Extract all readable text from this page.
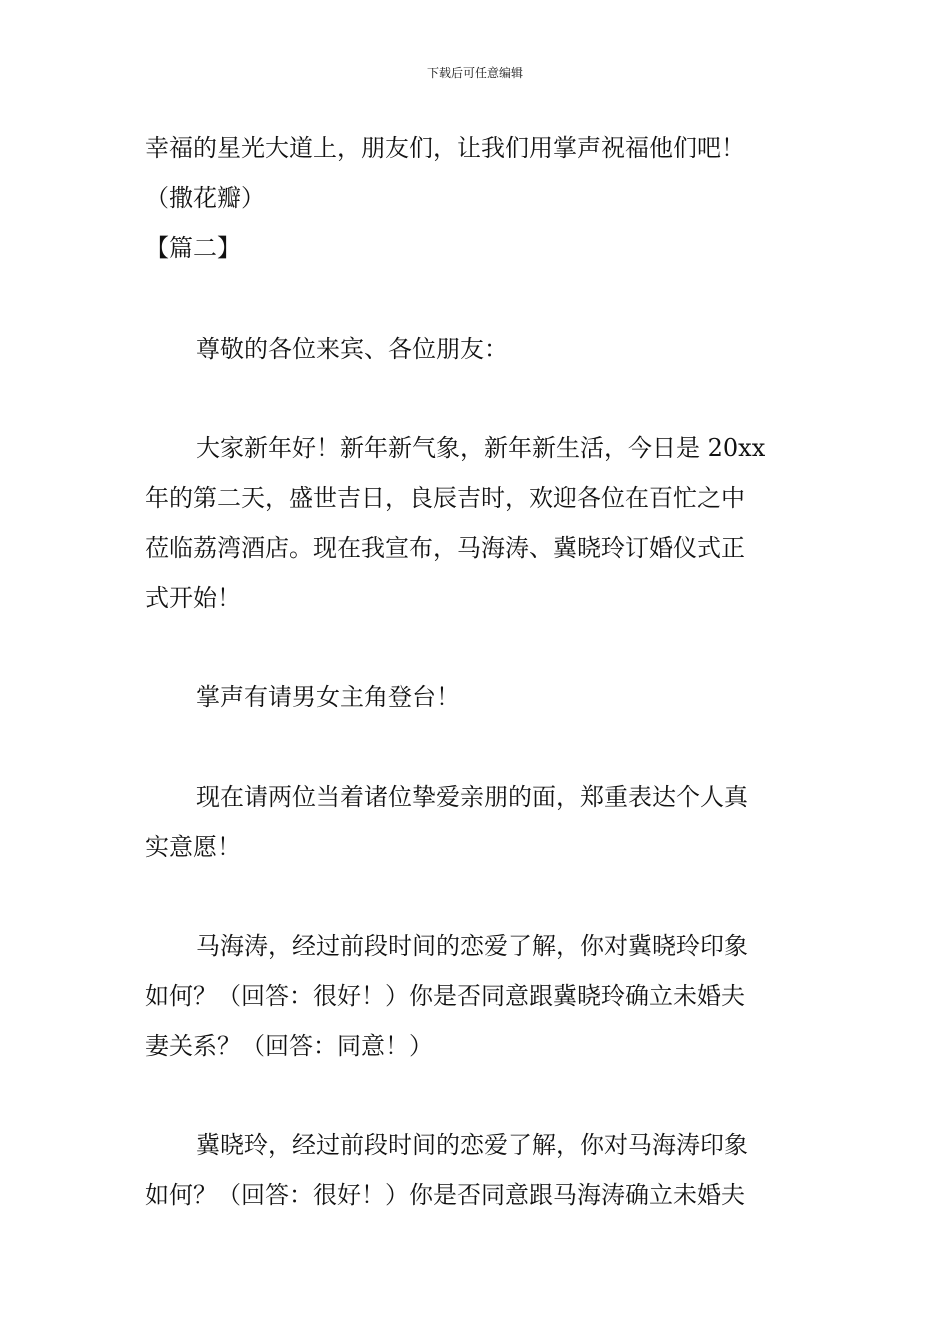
下载后可任意编辑
幸福的星光大道上，朋友们，让我们用掌声祝福他们吧！
（撒花瓣）
【篇二】
尊敬的各位来宾、各位朋友：
大家新年好！新年新气象，新年新生活，今日是 20xx
年的第二天，盛世吉日，良辰吉时，欢迎各位在百忙之中
莅临荔湾酒店。现在我宣布，马海涛、冀晓玲订婚仪式正
式开始！
掌声有请男女主角登台！
现在请两位当着诸位挚爱亲朋的面，郑重表达个人真
实意愿！
马海涛，经过前段时间的恋爱了解，你对冀晓玲印象
如何？（回答：很好！）你是否同意跟冀晓玲确立未婚夫
妻关系？（回答：同意！）
冀晓玲，经过前段时间的恋爱了解，你对马海涛印象
如何？（回答：很好！）你是否同意跟马海涛确立未婚夫
